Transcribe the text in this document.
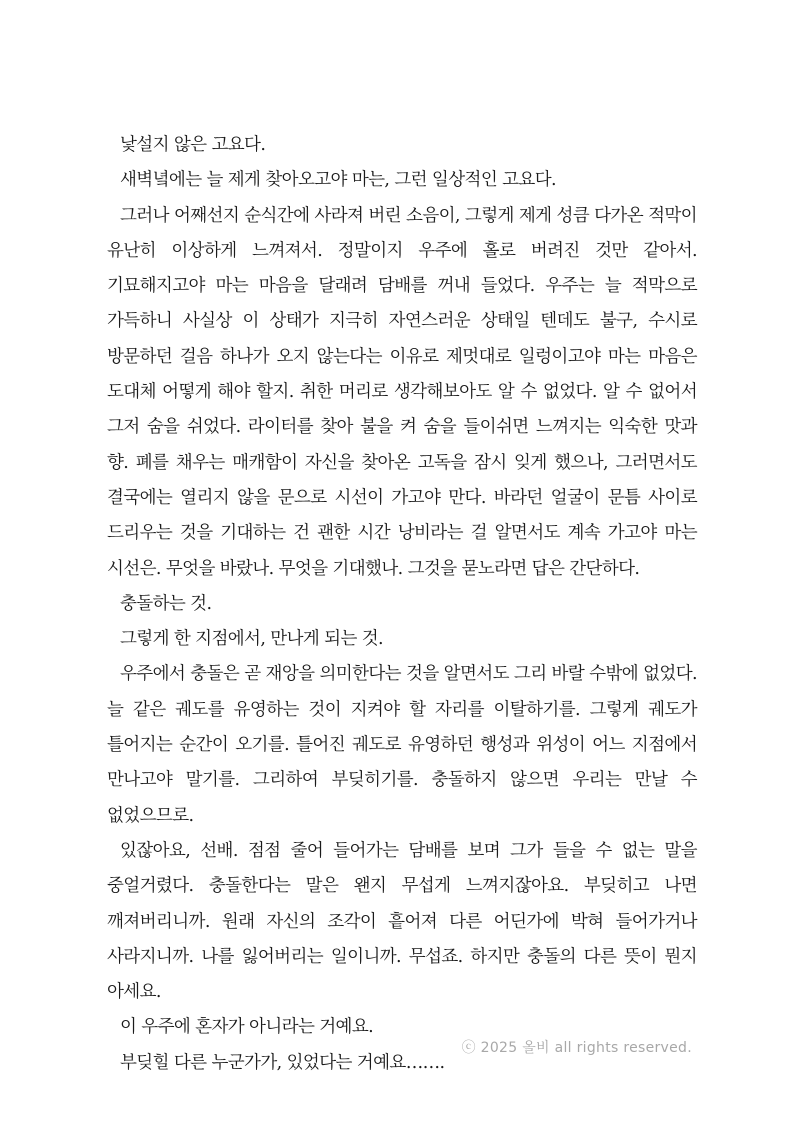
낯설지 않은 고요다.

새벽녘에는 늘 제게 찾아오고야 마는, 그런 일상적인 고요다.

그러나 어째선지 순식간에 사라져 버린 소음이, 그렇게 제게 성큼 다가온 적막이 유난히 이상하게 느껴져서. 정말이지 우주에 홀로 버려진 것만 같아서. 기묘해지고야 마는 마음을 달래려 담배를 꺼내 들었다. 우주는 늘 적막으로 가득하니 사실상 이 상태가 지극히 자연스러운 상태일 텐데도 불구, 수시로 방문하던 걸음 하나가 오지 않는다는 이유로 제멋대로 일렁이고야 마는 마음은 도대체 어떻게 해야 할지. 취한 머리로 생각해보아도 알 수 없었다. 알 수 없어서 그저 숨을 쉬었다. 라이터를 찾아 불을 켜 숨을 들이쉬면 느껴지는 익숙한 맛과 향. 폐를 채우는 매캐함이 자신을 찾아온 고독을 잠시 잊게 했으나, 그러면서도 결국에는 열리지 않을 문으로 시선이 가고야 만다. 바라던 얼굴이 문틈 사이로 드리우는 것을 기대하는 건 괜한 시간 낭비라는 걸 알면서도 계속 가고야 마는 시선은. 무엇을 바랐나. 무엇을 기대했나. 그것을 묻노라면 답은 간단하다.

충돌하는 것.

그렇게 한 지점에서, 만나게 되는 것.

우주에서 충돌은 곧 재앙을 의미한다는 것을 알면서도 그리 바랄 수밖에 없었다. 늘 같은 궤도를 유영하는 것이 지켜야 할 자리를 이탈하기를. 그렇게 궤도가 틀어지는 순간이 오기를. 틀어진 궤도로 유영하던 행성과 위성이 어느 지점에서 만나고야 말기를. 그리하여 부딪히기를. 충돌하지 않으면 우리는 만날 수 없었으므로.

있잖아요, 선배. 점점 줄어 들어가는 담배를 보며 그가 들을 수 없는 말을 중얼거렸다. 충돌한다는 말은 왠지 무섭게 느껴지잖아요. 부딪히고 나면 깨져버리니까. 원래 자신의 조각이 흩어져 다른 어딘가에 박혀 들어가거나 사라지니까. 나를 잃어버리는 일이니까. 무섭죠. 하지만 충돌의 다른 뜻이 뭔지 아세요.

이 우주에 혼자가 아니라는 거예요.

부딪힐 다른 누군가가, 있었다는 거예요…….

ⓒ 2025 올비 all rights reserved.
